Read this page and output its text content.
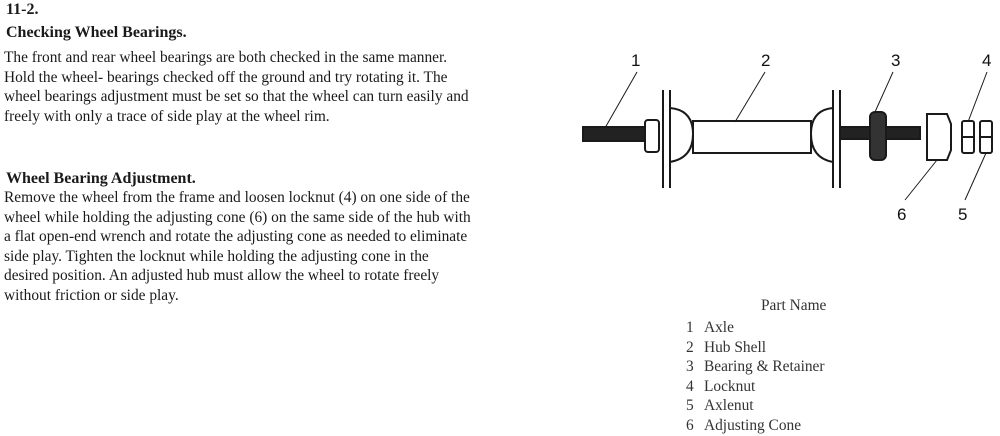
11-2.
Checking Wheel Bearings.
The front and rear wheel bearings are both checked in the same manner. Hold the wheel- bearings checked off the ground and try rotating it. The wheel bearings adjustment must be set so that the wheel can turn easily and freely with only a trace of side play at the wheel rim.
Wheel Bearing Adjustment.
Remove the wheel from the frame and loosen locknut (4) on one side of the wheel while holding the adjusting cone (6) on the same side of the hub with a flat open-end wrench and rotate the adjusting cone as needed to eliminate side play. Tighten the locknut while holding the adjusting cone in the desired position. An adjusted hub must allow the wheel to rotate freely without friction or side play.
1	2	3	4
6	5
Part Name
1 Axle
2 Hub Shell
3 Bearing & Retainer
4 Locknut
5 Axlenut
6 Adjusting Cone
